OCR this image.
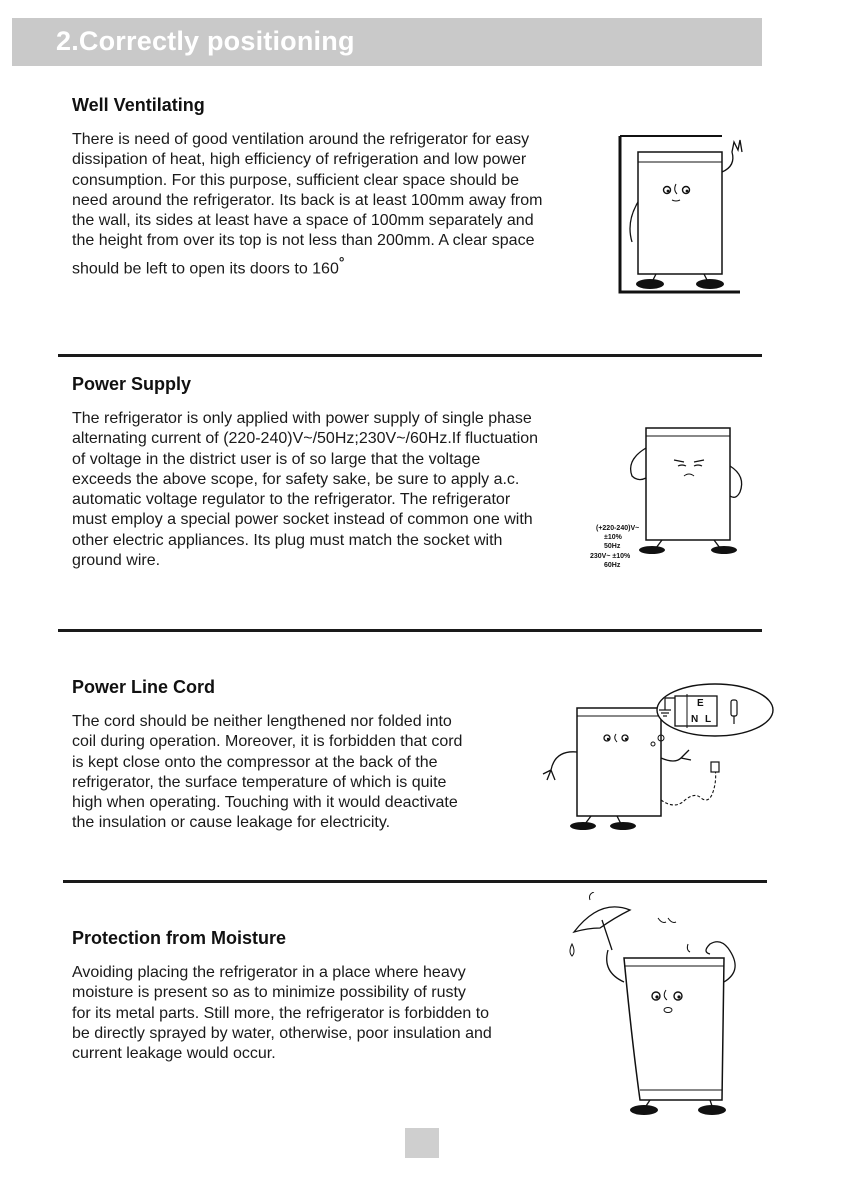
2.Correctly positioning
Well Ventilating

There is need of good ventilation around the refrigerator for easy
dissipation of heat, high efficiency of refrigeration and low power
consumption. For this purpose, sufficient clear space should be
need around the refrigerator. Its back is at least 100mm away from
the wall, its sides at least have a space of 100mm separately and
the height from over its top is not less than 200mm. A clear space
should be left to open its doors to 160°

Power Supply

The refrigerator is only applied with power supply of single phase
alternating current of (220-240)V~/50Hz;230V~/60Hz.If fluctuation
of voltage in the district user is of so large that the voltage
exceeds the above scope, for safety sake, be sure to apply a.c.
automatic voltage regulator to the refrigerator. The refrigerator
must employ a special power socket instead of common one with
other electric appliances. Its plug must match the socket with
ground wire.

(+220-240)V~
±10%
50Hz
230V~ ±10%
60Hz
Power Line Cord

The cord should be neither lengthened nor folded into
coil during operation. Moreover, it is forbidden that cord
is kept close onto the compressor at the back of the
refrigerator, the surface temperature of which is quite
high when operating. Touching with it would deactivate
the insulation or cause leakage for electricity.

E
N L
Protection from Moisture

Avoiding placing the refrigerator in a place where heavy
moisture is present so as to minimize possibility of rusty
for its metal parts. Still more, the refrigerator is forbidden to
be directly sprayed by water, otherwise, poor insulation and
current leakage would occur.
